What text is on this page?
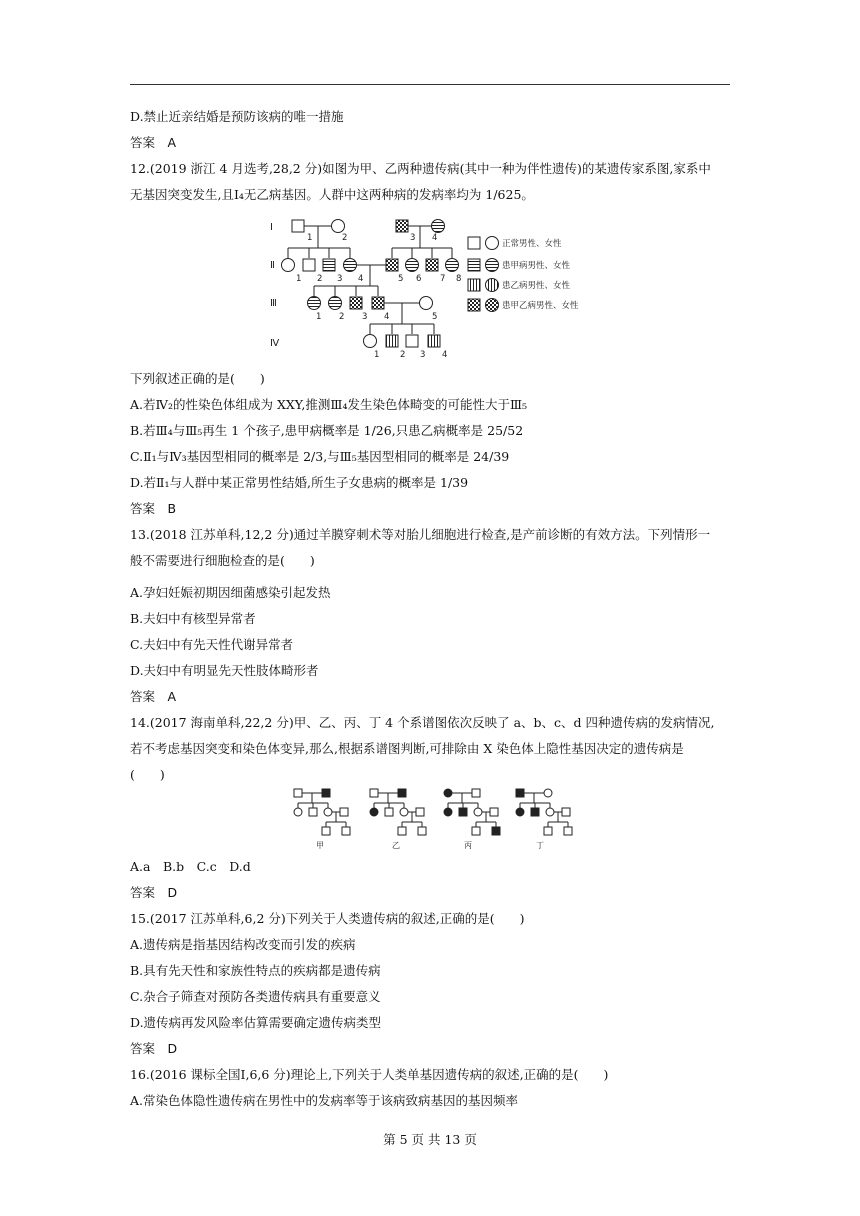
D.禁止近亲结婚是预防该病的唯一措施
答案　A
12.(2019 浙江 4 月选考,28,2 分)如图为甲、乙两种遗传病(其中一种为伴性遗传)的某遗传家系图,家系中
无基因突变发生,且Ⅰ₄无乙病基因。人群中这两种病的发病率均为 1/625。
Ⅰ
Ⅱ
Ⅲ
Ⅳ
1	2	3 4
1 2 3 4	5 6 7 8
1 2 3 4	5
1 2 3 4
正常男性、女性
患甲病男性、女性
患乙病男性、女性
患甲乙病男性、女性
下列叙述正确的是(　　)
A.若Ⅳ₂的性染色体组成为 XXY,推测Ⅲ₄发生染色体畸变的可能性大于Ⅲ₅
B.若Ⅲ₄与Ⅲ₅再生 1 个孩子,患甲病概率是 1/26,只患乙病概率是 25/52
C.Ⅱ₁与Ⅳ₃基因型相同的概率是 2/3,与Ⅲ₅基因型相同的概率是 24/39
D.若Ⅱ₁与人群中某正常男性结婚,所生子女患病的概率是 1/39
答案　B
13.(2018 江苏单科,12,2 分)通过羊膜穿刺术等对胎儿细胞进行检查,是产前诊断的有效方法。下列情形一
般不需要进行细胞检查的是(　　)
A.孕妇妊娠初期因细菌感染引起发热
B.夫妇中有核型异常者
C.夫妇中有先天性代谢异常者
D.夫妇中有明显先天性肢体畸形者
答案　A
14.(2017 海南单科,22,2 分)甲、乙、丙、丁 4 个系谱图依次反映了 a、b、c、d 四种遗传病的发病情况,
若不考虑基因突变和染色体变异,那么,根据系谱图判断,可排除由 X 染色体上隐性基因决定的遗传病是
(　　)
甲	乙	丙	丁
A.a　B.b　C.c　D.d
答案　D
15.(2017 江苏单科,6,2 分)下列关于人类遗传病的叙述,正确的是(　　)
A.遗传病是指基因结构改变而引发的疾病
B.具有先天性和家族性特点的疾病都是遗传病
C.杂合子筛查对预防各类遗传病具有重要意义
D.遗传病再发风险率估算需要确定遗传病类型
答案　D
16.(2016 课标全国Ⅰ,6,6 分)理论上,下列关于人类单基因遗传病的叙述,正确的是(　　)
A.常染色体隐性遗传病在男性中的发病率等于该病致病基因的基因频率
第 5 页 共 13 页
